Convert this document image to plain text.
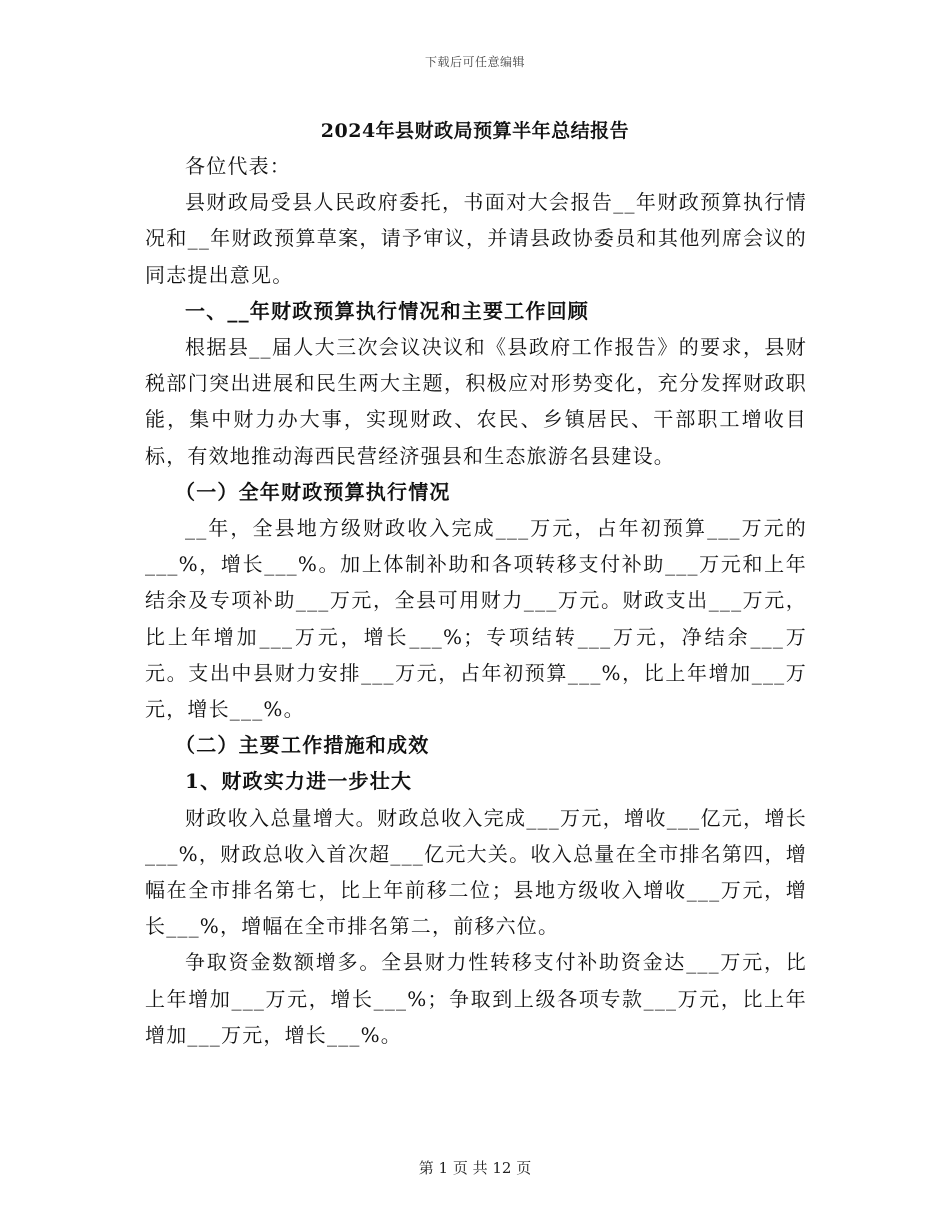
下载后可任意编辑
2024年县财政局预算半年总结报告

各位代表：

县财政局受县人民政府委托，书面对大会报告__年财政预算执行情况和__年财政预算草案，请予审议，并请县政协委员和其他列席会议的同志提出意见。

一、__年财政预算执行情况和主要工作回顾

根据县__届人大三次会议决议和《县政府工作报告》的要求，县财税部门突出进展和民生两大主题，积极应对形势变化，充分发挥财政职能，集中财力办大事，实现财政、农民、乡镇居民、干部职工增收目标，有效地推动海西民营经济强县和生态旅游名县建设。

（一）全年财政预算执行情况

__年，全县地方级财政收入完成___万元，占年初预算___万元的___%，增长___%。加上体制补助和各项转移支付补助___万元和上年结余及专项补助___万元，全县可用财力___万元。财政支出___万元，比上年增加___万元，增长___%；专项结转___万元，净结余___万元。支出中县财力安排___万元，占年初预算___%，比上年增加___万元，增长___%。

（二）主要工作措施和成效

1、财政实力进一步壮大

财政收入总量增大。财政总收入完成___万元，增收___亿元，增长___%，财政总收入首次超___亿元大关。收入总量在全市排名第四，增幅在全市排名第七，比上年前移二位；县地方级收入增收___万元，增长___%，增幅在全市排名第二，前移六位。

争取资金数额增多。全县财力性转移支付补助资金达___万元，比上年增加___万元，增长___%；争取到上级各项专款___万元，比上年增加___万元，增长___%。

第 1 页 共 12 页
